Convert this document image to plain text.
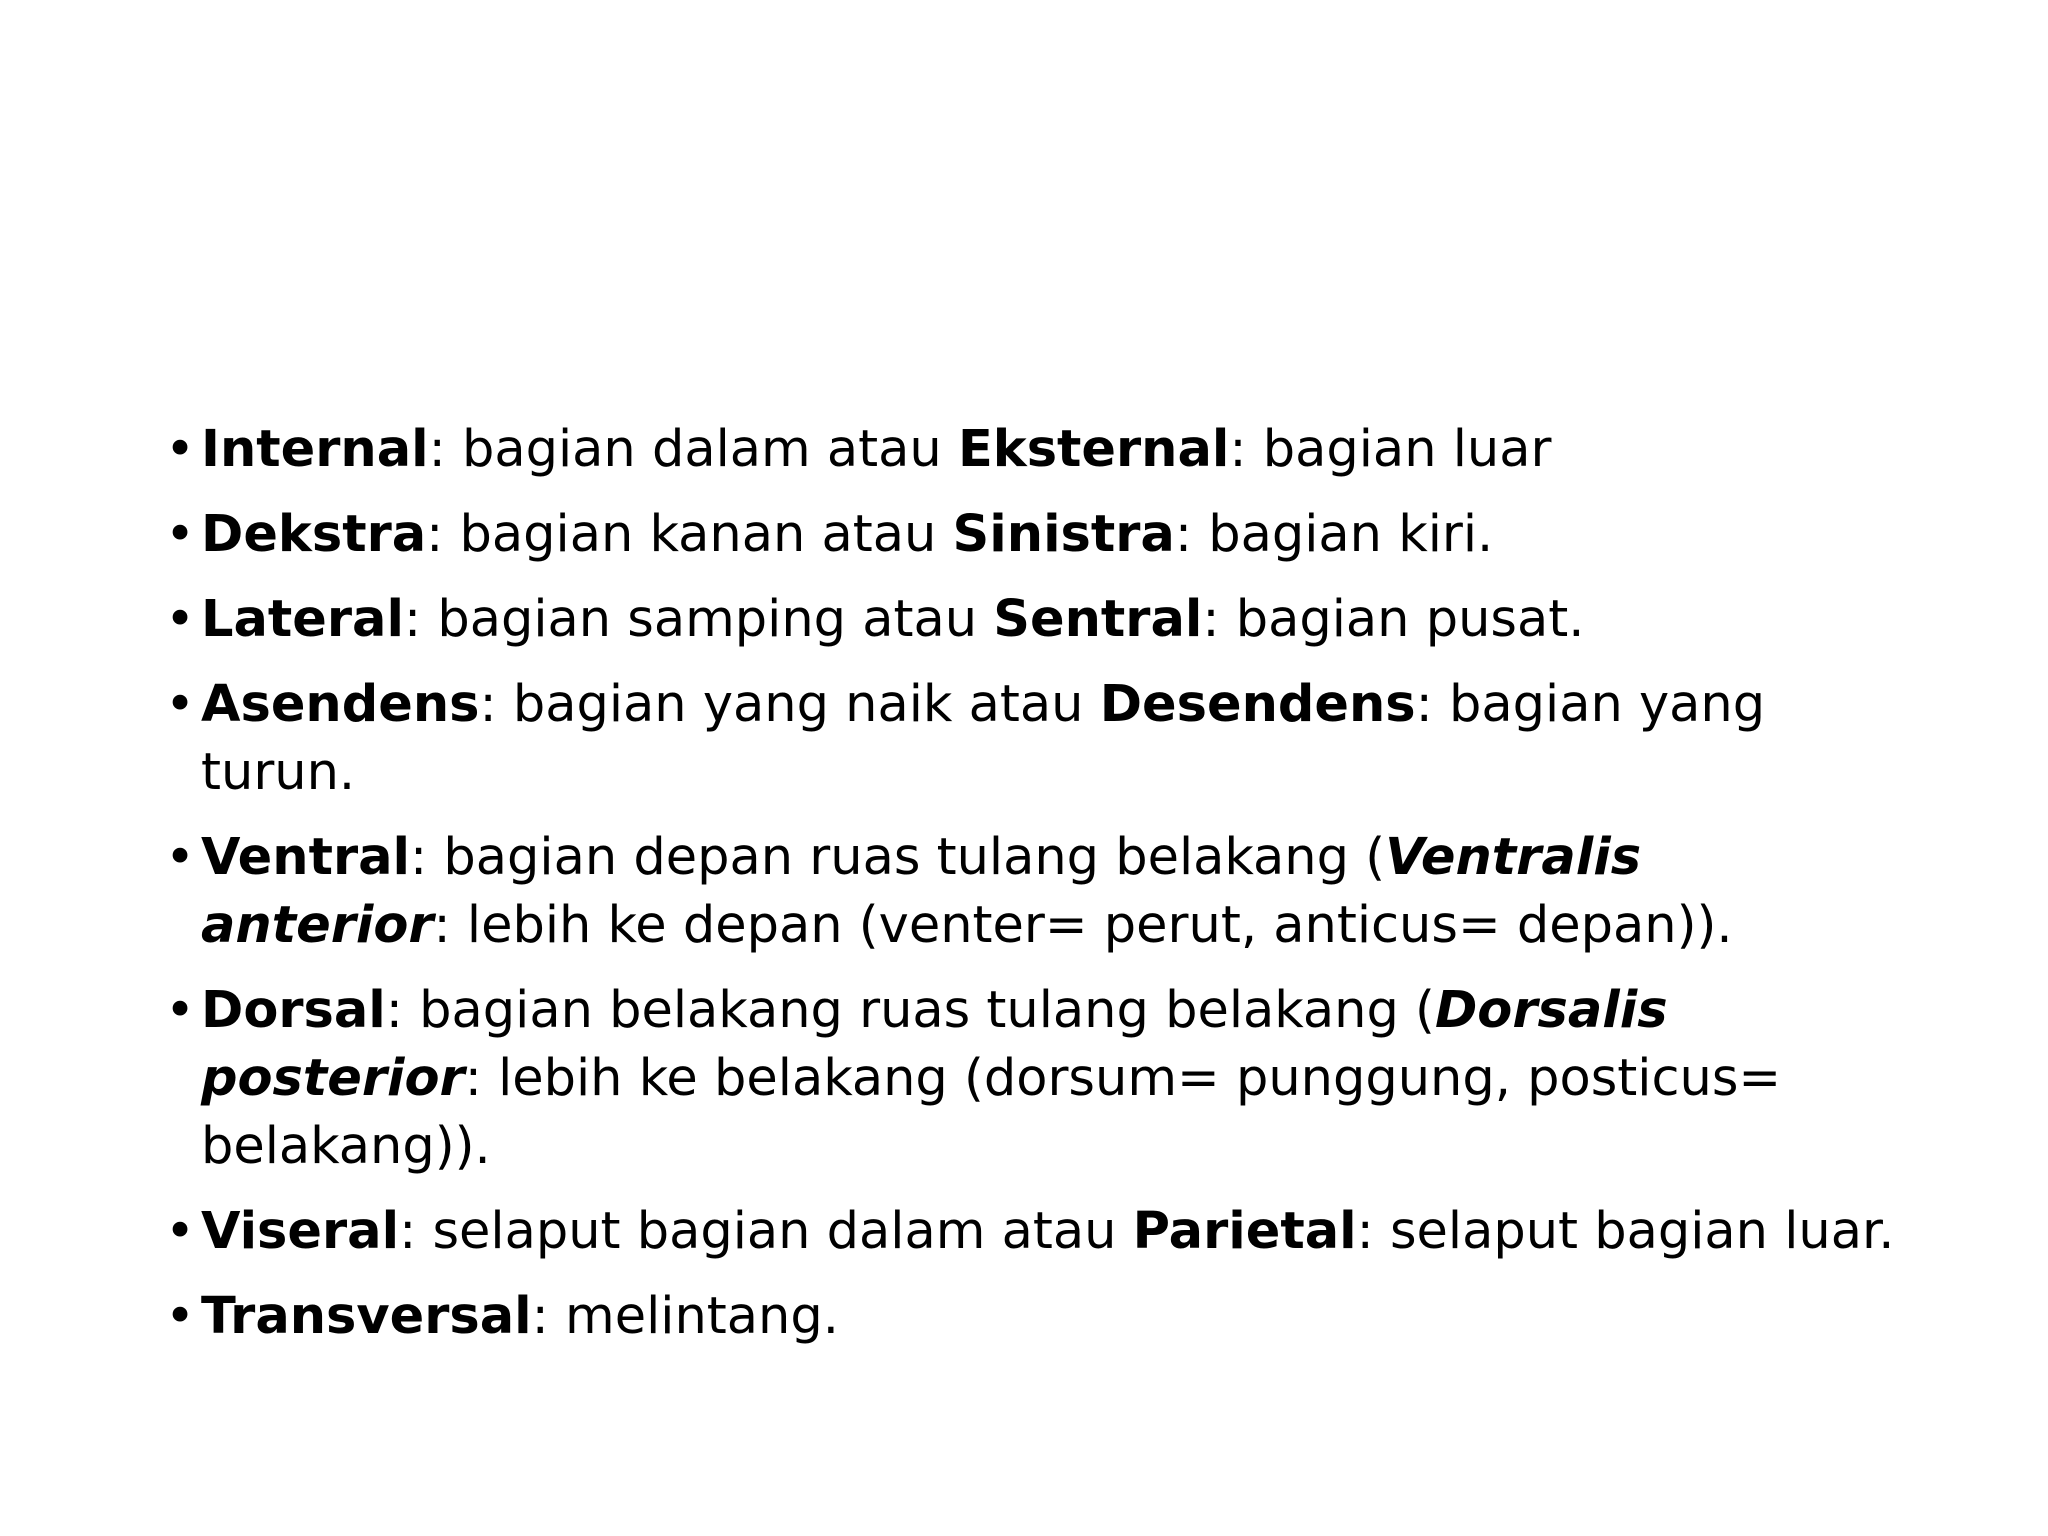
• Internal: bagian dalam atau Eksternal: bagian luar
• Dekstra: bagian kanan atau Sinistra: bagian kiri.
• Lateral: bagian samping atau Sentral: bagian pusat.
• Asendens: bagian yang naik atau Desendens: bagian yang turun.
• Ventral: bagian depan ruas tulang belakang (Ventralis anterior: lebih ke depan (venter= perut, anticus= depan)).
• Dorsal: bagian belakang ruas tulang belakang (Dorsalis posterior: lebih ke belakang (dorsum= punggung, posticus= belakang)).
• Viseral: selaput bagian dalam atau Parietal: selaput bagian luar.
• Transversal: melintang.
